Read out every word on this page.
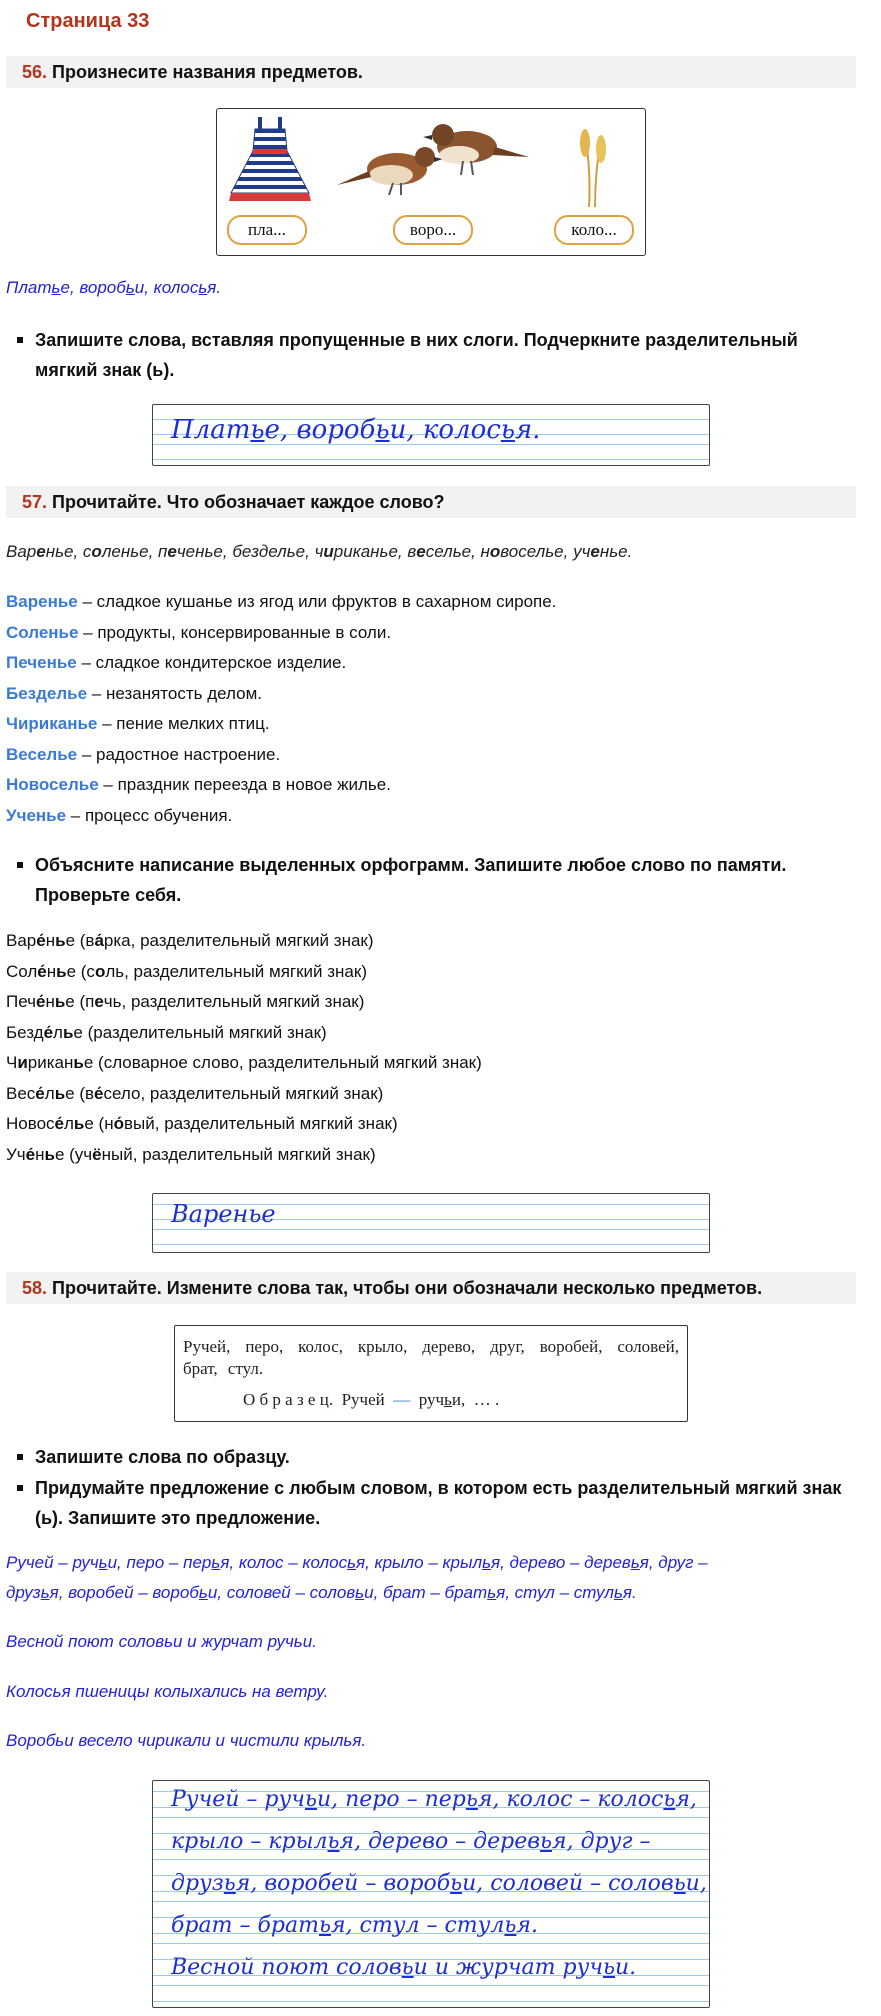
Страница 33
56. Произнесите названия предметов.
пла...	воро...	коло...
Платье, воробьи, колосья.
Запишите слова, вставляя пропущенные в них слоги. Подчеркните разделительный мягкий знак (ь).
Платье, воробьи, колосья.
57. Прочитайте. Что обозначает каждое слово?
Варенье, соленье, печенье, безделье, чириканье, веселье, новоселье, ученье.
Варенье – сладкое кушанье из ягод или фруктов в сахарном сиропе.
Соленье – продукты, консервированные в соли.
Печенье – сладкое кондитерское изделие.
Безделье – незанятость делом.
Чириканье – пение мелких птиц.
Веселье – радостное настроение.
Новоселье – праздник переезда в новое жилье.
Ученье – процесс обучения.
Объясните написание выделенных орфограмм. Запишите любое слово по памяти. Проверьте себя.
Варе́нье (ва́рка, разделительный мягкий знак)
Соле́нье (соль, разделительный мягкий знак)
Пече́нье (печь, разделительный мягкий знак)
Безде́лье (разделительный мягкий знак)
Чириканье (словарное слово, разделительный мягкий знак)
Весе́лье (ве́село, разделительный мягкий знак)
Новосе́лье (но́вый, разделительный мягкий знак)
Уче́нье (учёный, разделительный мягкий знак)
Варенье
58. Прочитайте. Измените слова так, чтобы они обозначали несколько предметов.
Ручей, перо, колос, крыло, дерево, друг, воробей, соловей, брат, стул.
О б р а з е ц. Ручей — ручьи, … .
Запишите слова по образцу.
Придумайте предложение с любым словом, в котором есть разделительный мягкий знак (ь). Запишите это предложение.
Ручей – ручьи, перо – перья, колос – колосья, крыло – крылья, дерево – деревья, друг –
друзья, воробей – воробьи, соловей – соловьи, брат – братья, стул – стулья.
Весной поют соловьи и журчат ручьи.
Колосья пшеницы колыхались на ветру.
Воробьи весело чирикали и чистили крылья.
Ручей – ручьи, перо – перья, колос – колосья,
крыло – крылья, дерево – деревья, друг –
друзья, воробей – воробьи, соловей – соловьи,
брат – братья, стул – стулья.
Весной поют соловьи и журчат ручьи.
